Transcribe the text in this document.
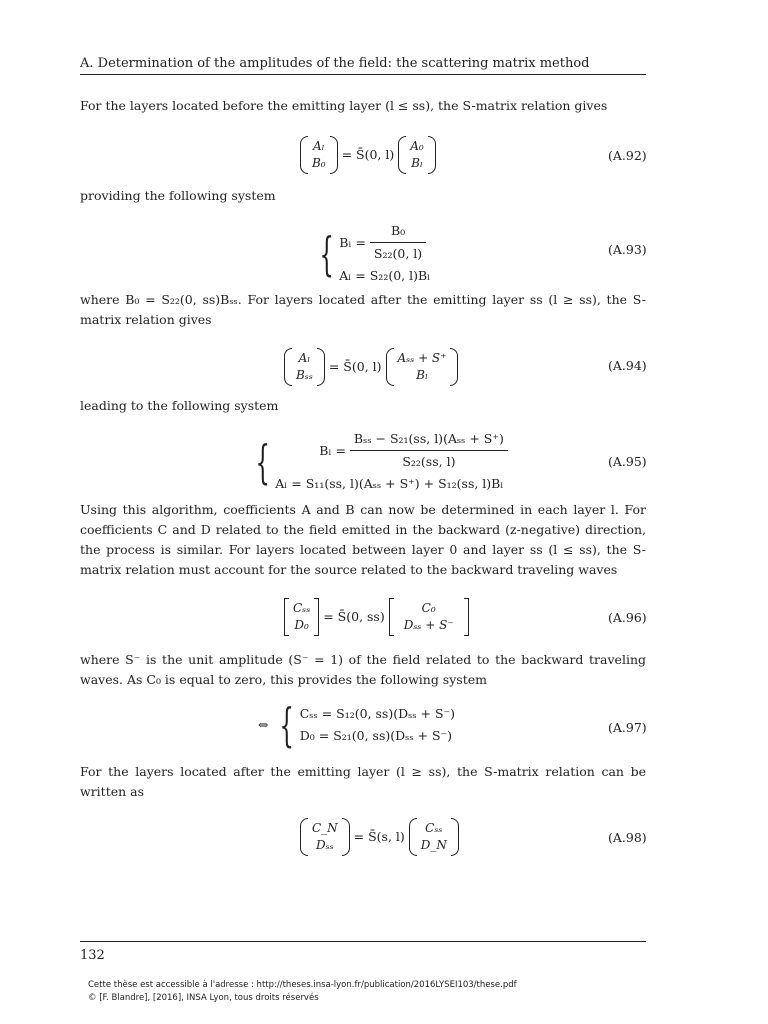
A. Determination of the amplitudes of the field: the scattering matrix method
For the layers located before the emitting layer (l ≤ ss), the S-matrix relation gives

Aₗ
B₀
= S̄̄(0, l)
A₀
Bₗ
	(A.92)
providing the following system
{ $B_l = \frac{\text{B₀}}{\text{S₂₂(0, l)}}$
Aₗ = S₂₂(0, l)Bₗ
(A.93)
where B₀ = S₂₂(0, ss)Bₛₛ. For layers located after the emitting layer ss (l ≥ ss), the S-matrix relation gives

Aₗ
Bₛₛ
= S̄̄(0, l)
Aₛₛ + S⁺
Bₗ

(A.94)
leading to the following system
{	$B_l = \frac{\text{Bₛₛ − S₂₁(ss, l)(Aₛₛ + S⁺)}}{\text{S₂₂(ss, l)}}$
Aₗ = S₁₁(ss, l)(Aₛₛ + S⁺) + S₁₂(ss, l)Bₗ
(A.95)
Using this algorithm, coefficients A and B can now be determined in each layer l. For coefficients C and D related to the field emitted in the backward (z-negative) direction, the process is similar. For layers located between layer 0 and layer ss (l ≤ ss), the S-matrix relation must account for the source related to the backward traveling waves

Cₛₛ
D₀
= S̄̄(0, ss)
C₀
Dₛₛ + S⁻
	(A.96)
where S⁻ is the unit amplitude (S⁻ = 1) of the field related to the backward traveling waves. As C₀ is equal to zero, this provides the following system
⇔ { Cₛₛ = S₁₂(0, ss)(Dₛₛ + S⁻)
D₀ = S₂₁(0, ss)(Dₛₛ + S⁻)
(A.97)
For the layers located after the emitting layer (l ≥ ss), the S-matrix relation can be written as

C_N
Dₛₛ
= S̄̄(s, l)
Cₛₛ
D_N
	(A.98)
132
Cette thèse est accessible à l'adresse : http://theses.insa-lyon.fr/publication/2016LYSEI103/these.pdf
© [F. Blandre], [2016], INSA Lyon, tous droits réservés
